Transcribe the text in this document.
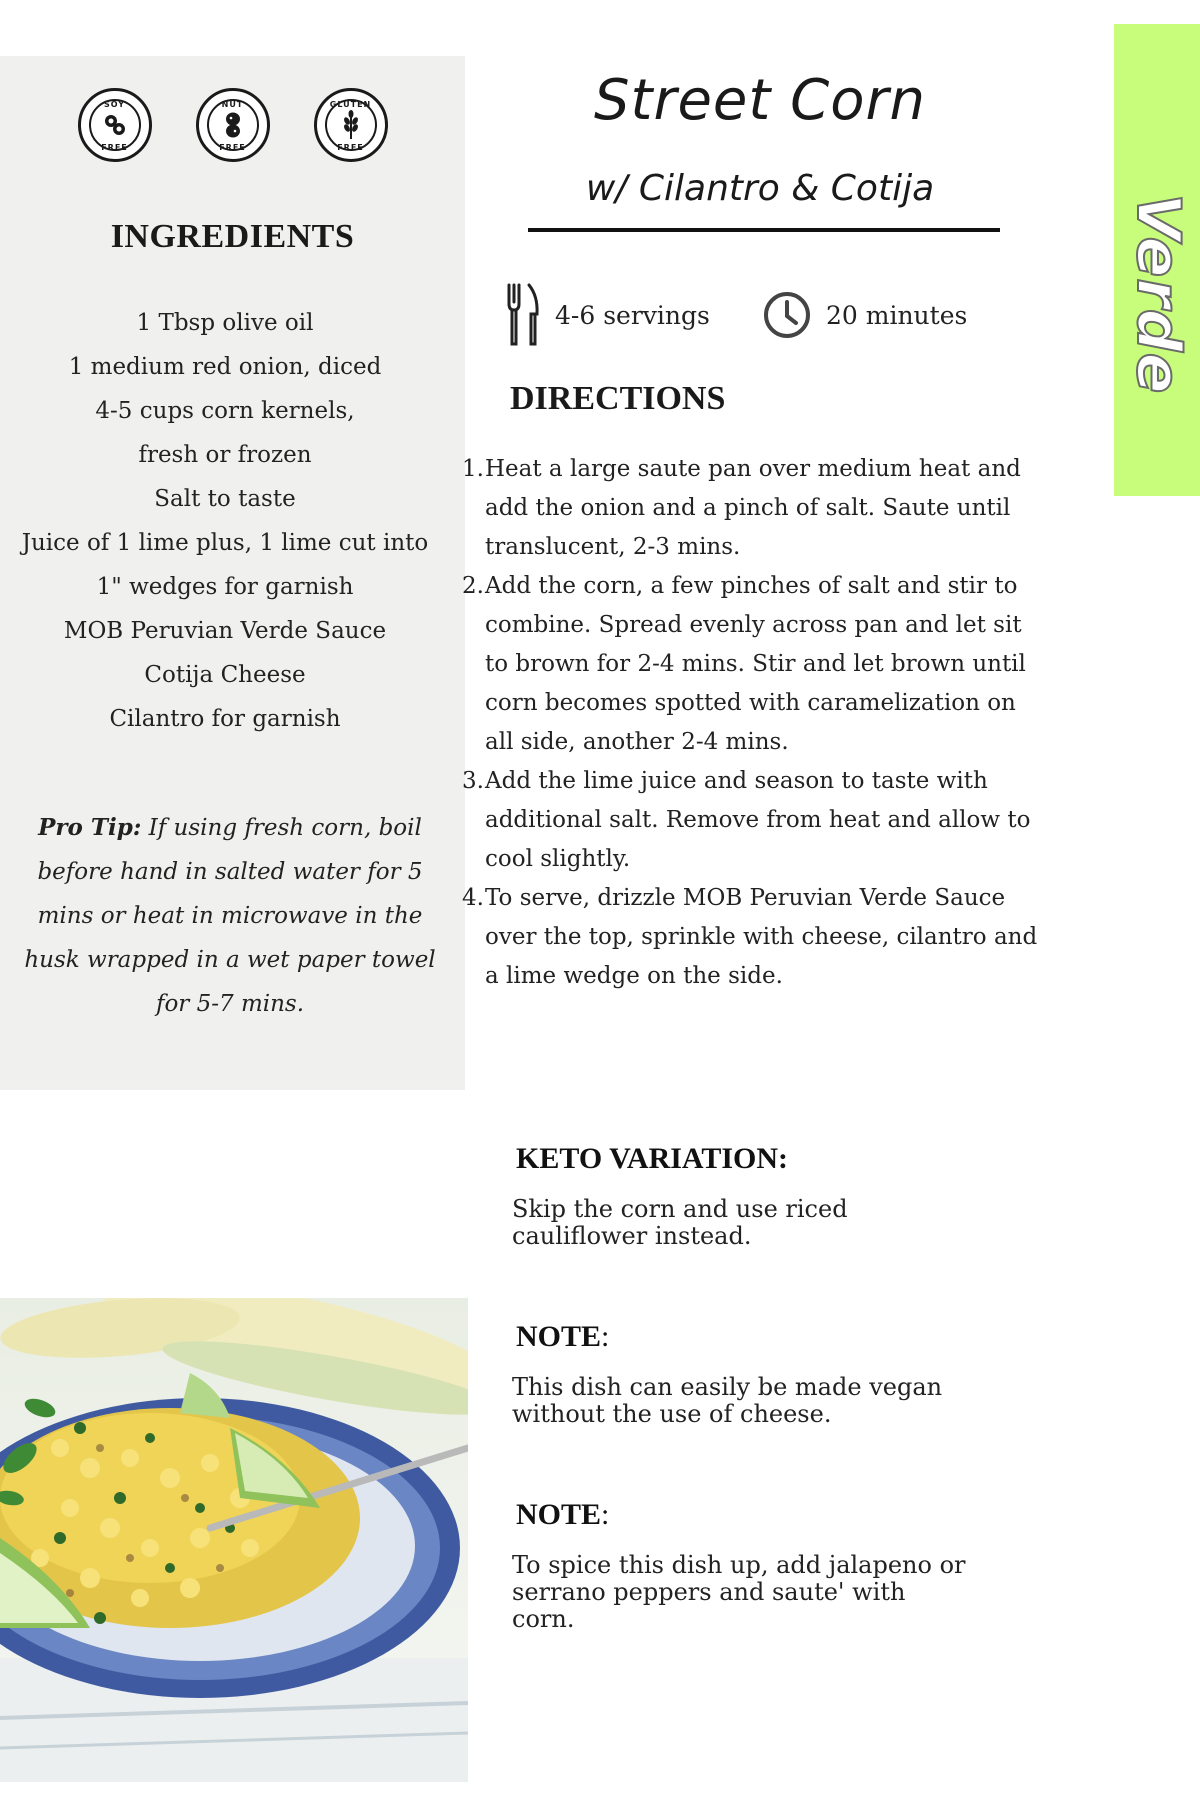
SOY
FREE
NUT
FREE
GLUTEN
FREE
INGREDIENTS
1 Tbsp olive oil
1 medium red onion, diced
4-5 cups corn kernels,
fresh or frozen
Salt to taste
Juice of 1 lime plus, 1 lime cut into
1" wedges for garnish
MOB Peruvian Verde Sauce
Cotija Cheese
Cilantro for garnish
Pro Tip: If using fresh corn, boil before hand in salted water for 5 mins or heat in microwave in the husk wrapped in a wet paper towel for 5-7 mins.
Street Corn
w/ Cilantro & Cotija
4-6 servings	20 minutes
DIRECTIONS
1. Heat a large saute pan over medium heat and add the onion and a pinch of salt. Saute until translucent, 2-3 mins.
2. Add the corn, a few pinches of salt and stir to combine. Spread evenly across pan and let sit to brown for 2-4 mins. Stir and let brown until corn becomes spotted with caramelization on all side, another 2-4 mins.
3. Add the lime juice and season to taste with additional salt. Remove from heat and allow to cool slightly.
4. To serve, drizzle MOB Peruvian Verde Sauce over the top, sprinkle with cheese, cilantro and a lime wedge on the side.
Verde
KETO VARIATION:
Skip the corn and use riced cauliflower instead.
NOTE:
This dish can easily be made vegan without the use of cheese.
NOTE:
To spice this dish up, add jalapeno or serrano peppers and saute' with corn.
